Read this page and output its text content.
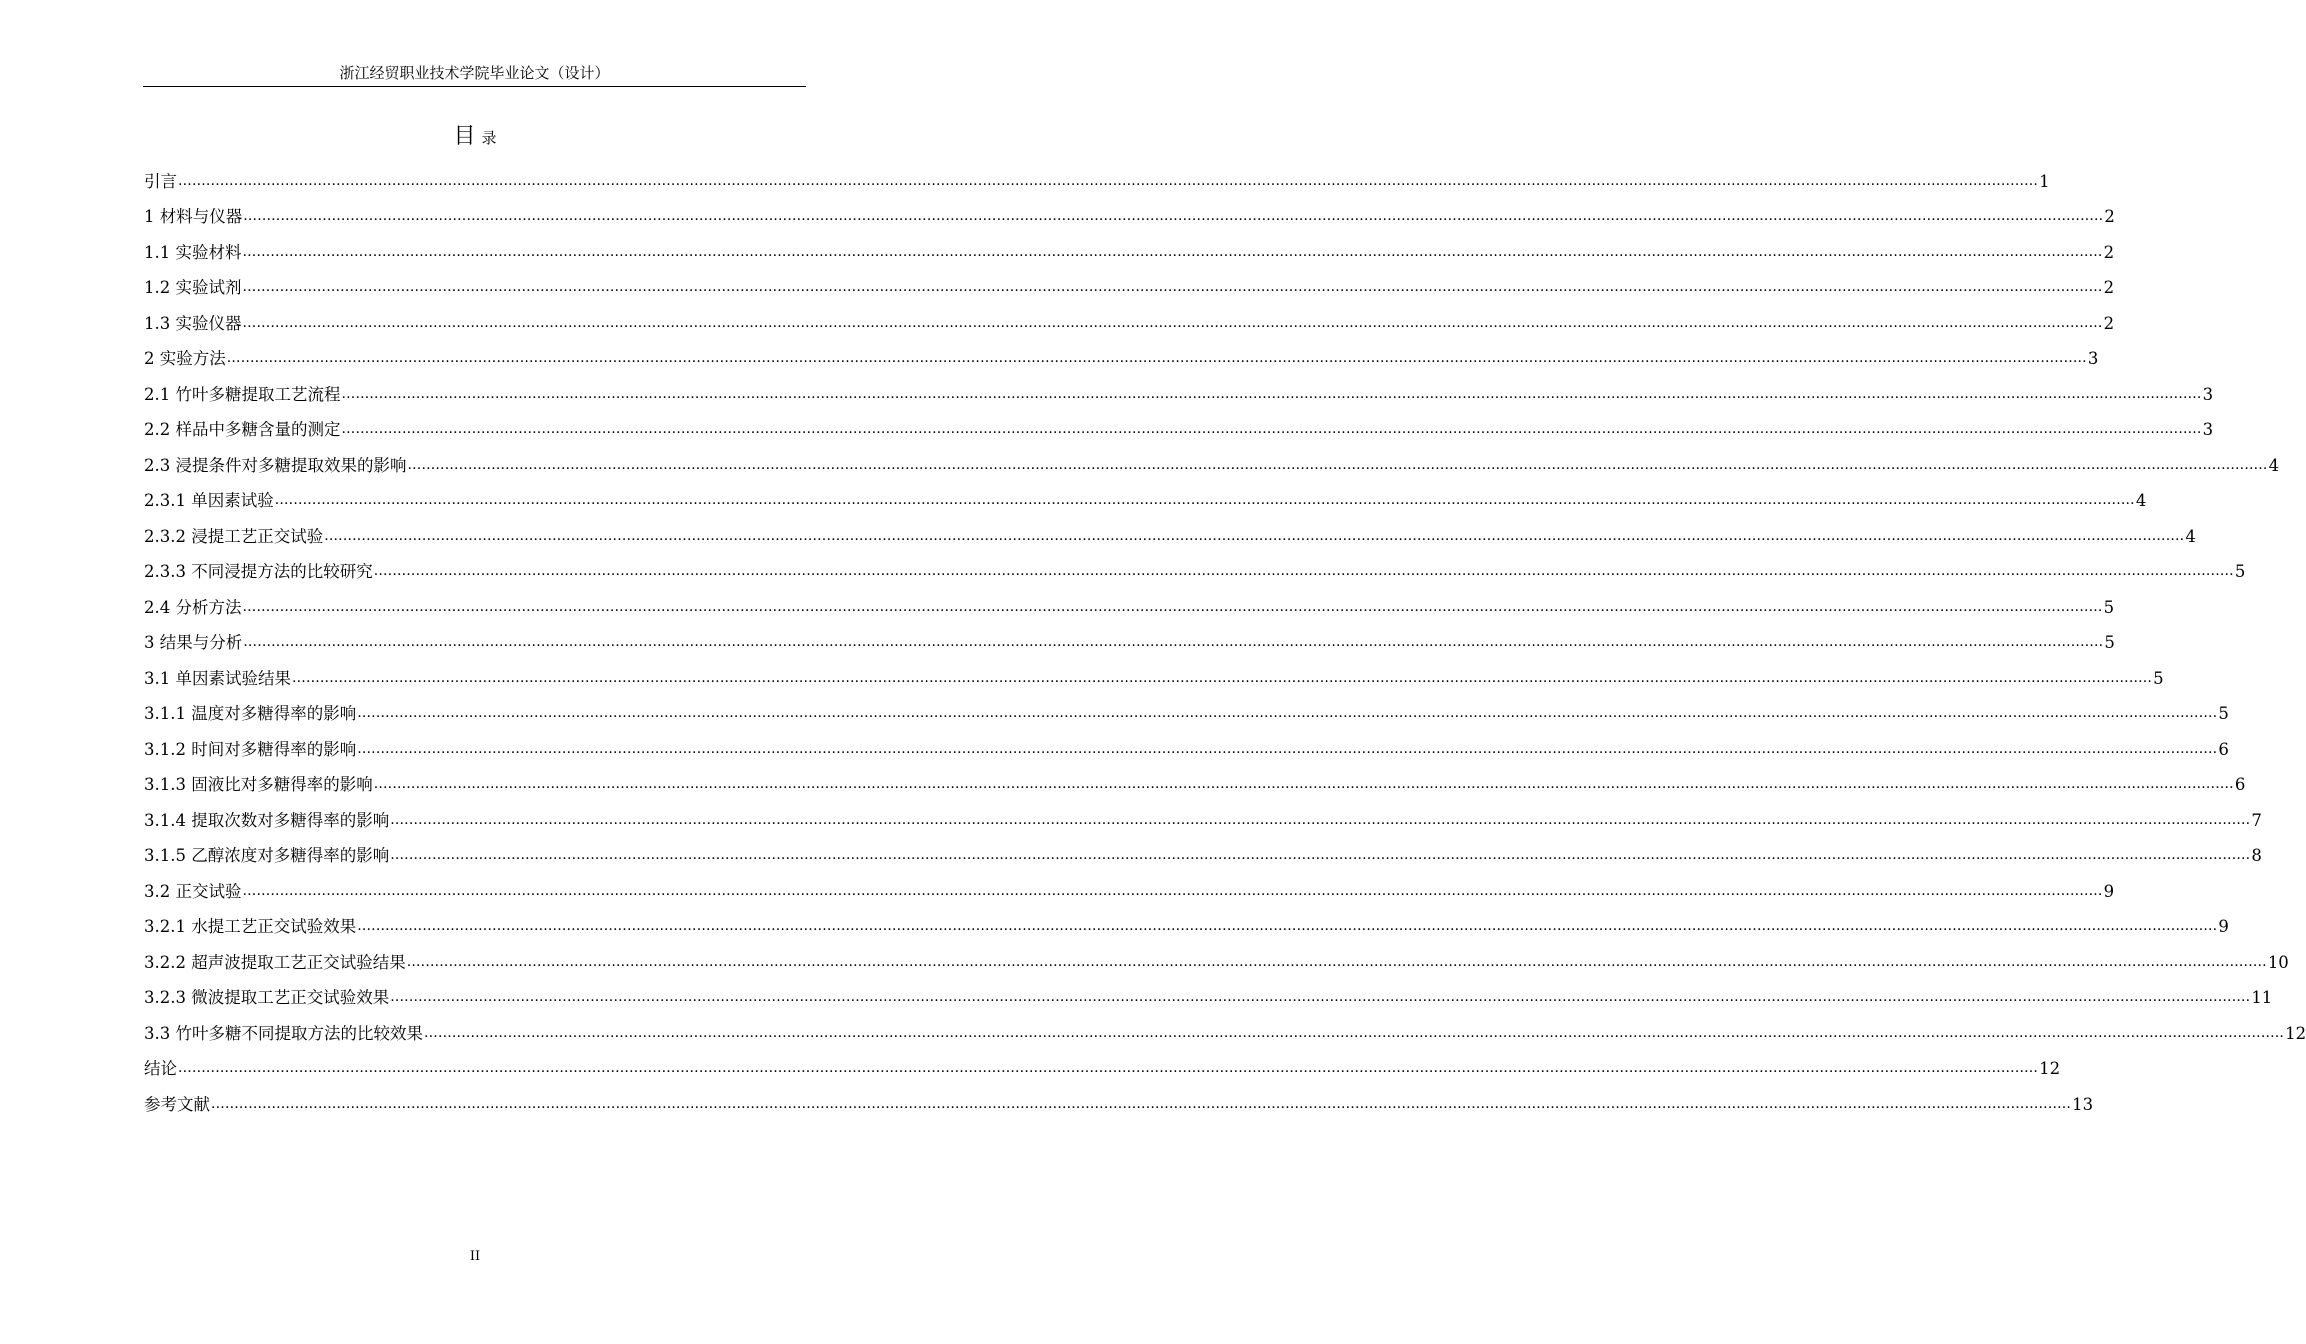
浙江经贸职业技术学院毕业论文（设计）
目 录
引言 ................................................................................................................................................................................................................................................................................................................................................................................................................ 1
1 材料与仪器 ................................................................................................................................................................................................................................................................................................................................................................................................................ 2
1.1 实验材料 ................................................................................................................................................................................................................................................................................................................................................................................................................ 2
1.2 实验试剂 ................................................................................................................................................................................................................................................................................................................................................................................................................ 2
1.3 实验仪器 ................................................................................................................................................................................................................................................................................................................................................................................................................ 2
2 实验方法 ................................................................................................................................................................................................................................................................................................................................................................................................................ 3
2.1 竹叶多糖提取工艺流程 ................................................................................................................................................................................................................................................................................................................................................................................................................ 3
2.2 样品中多糖含量的测定 ................................................................................................................................................................................................................................................................................................................................................................................................................ 3
2.3 浸提条件对多糖提取效果的影响 ................................................................................................................................................................................................................................................................................................................................................................................................................ 4
2.3.1 单因素试验 ................................................................................................................................................................................................................................................................................................................................................................................................................ 4
2.3.2 浸提工艺正交试验 ................................................................................................................................................................................................................................................................................................................................................................................................................ 4
2.3.3 不同浸提方法的比较研究 ................................................................................................................................................................................................................................................................................................................................................................................................................ 5
2.4 分析方法 ................................................................................................................................................................................................................................................................................................................................................................................................................ 5
3 结果与分析 ................................................................................................................................................................................................................................................................................................................................................................................................................ 5
3.1 单因素试验结果 ................................................................................................................................................................................................................................................................................................................................................................................................................ 5
3.1.1 温度对多糖得率的影响 ................................................................................................................................................................................................................................................................................................................................................................................................................ 5
3.1.2 时间对多糖得率的影响 ................................................................................................................................................................................................................................................................................................................................................................................................................ 6
3.1.3 固液比对多糖得率的影响 ................................................................................................................................................................................................................................................................................................................................................................................................................ 6
3.1.4 提取次数对多糖得率的影响 ................................................................................................................................................................................................................................................................................................................................................................................................................ 7
3.1.5 乙醇浓度对多糖得率的影响 ................................................................................................................................................................................................................................................................................................................................................................................................................ 8
3.2 正交试验 ................................................................................................................................................................................................................................................................................................................................................................................................................ 9
3.2.1 水提工艺正交试验效果 ................................................................................................................................................................................................................................................................................................................................................................................................................ 9
3.2.2 超声波提取工艺正交试验结果 ................................................................................................................................................................................................................................................................................................................................................................................................................ 10
3.2.3 微波提取工艺正交试验效果 ................................................................................................................................................................................................................................................................................................................................................................................................................ 11
3.3 竹叶多糖不同提取方法的比较效果 ................................................................................................................................................................................................................................................................................................................................................................................................................ 12
结论 ................................................................................................................................................................................................................................................................................................................................................................................................................ 12
参考文献 ................................................................................................................................................................................................................................................................................................................................................................................................................ 13
II
